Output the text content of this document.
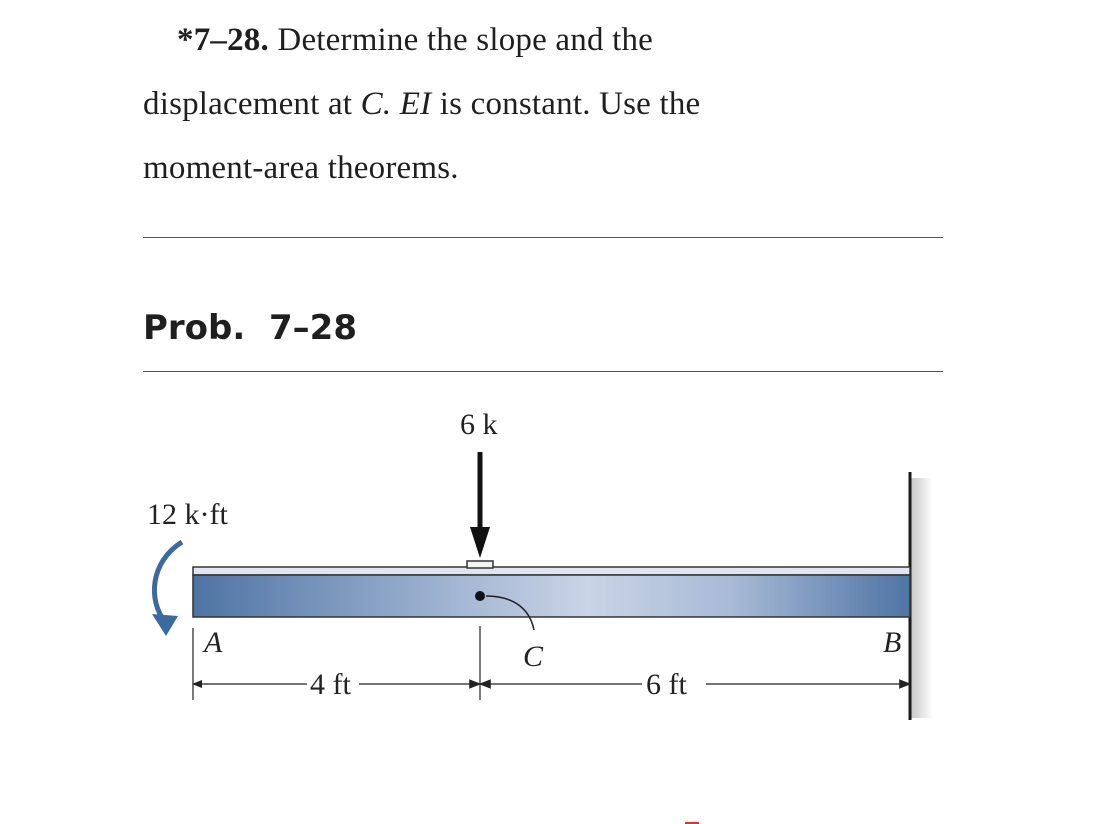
*7–28. Determine the slope and the
displacement at C. EI is constant. Use the
moment-area theorems.
Prob. 7–28
6 k
C
12 k·ft
A	B
4 ft	6 ft
